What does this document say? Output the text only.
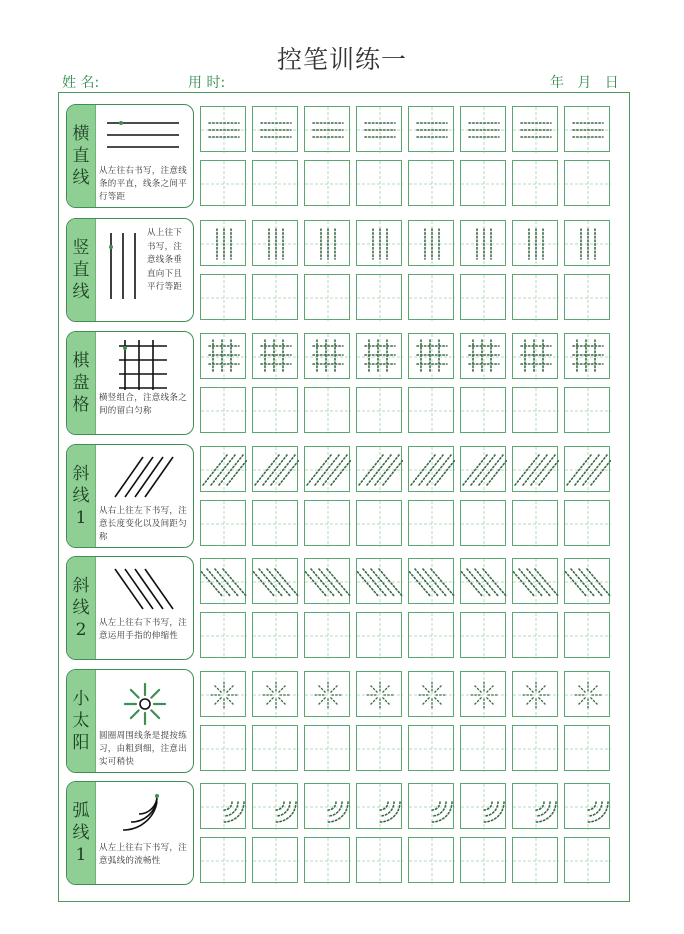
控笔训练一
姓 名:	用 时:	年   月   日
横
直
线 从左往右书写，注意线条的平直，线条之间平行等距
竖
直
线
从上往下书写，注意线条垂直向下且平行等距
棋
盘
格 横竖组合，注意线条之间的留白匀称
斜
线
1 从右上往左下书写，注意长度变化以及间距匀称
斜
线
2 从左上往右下书写，注意运用手指的伸缩性
小
太
阳 圆圈周围线条是提按练习，由粗到细，注意出实可稍快
弧
线
1 从左上往右下书写，注意弧线的流畅性
